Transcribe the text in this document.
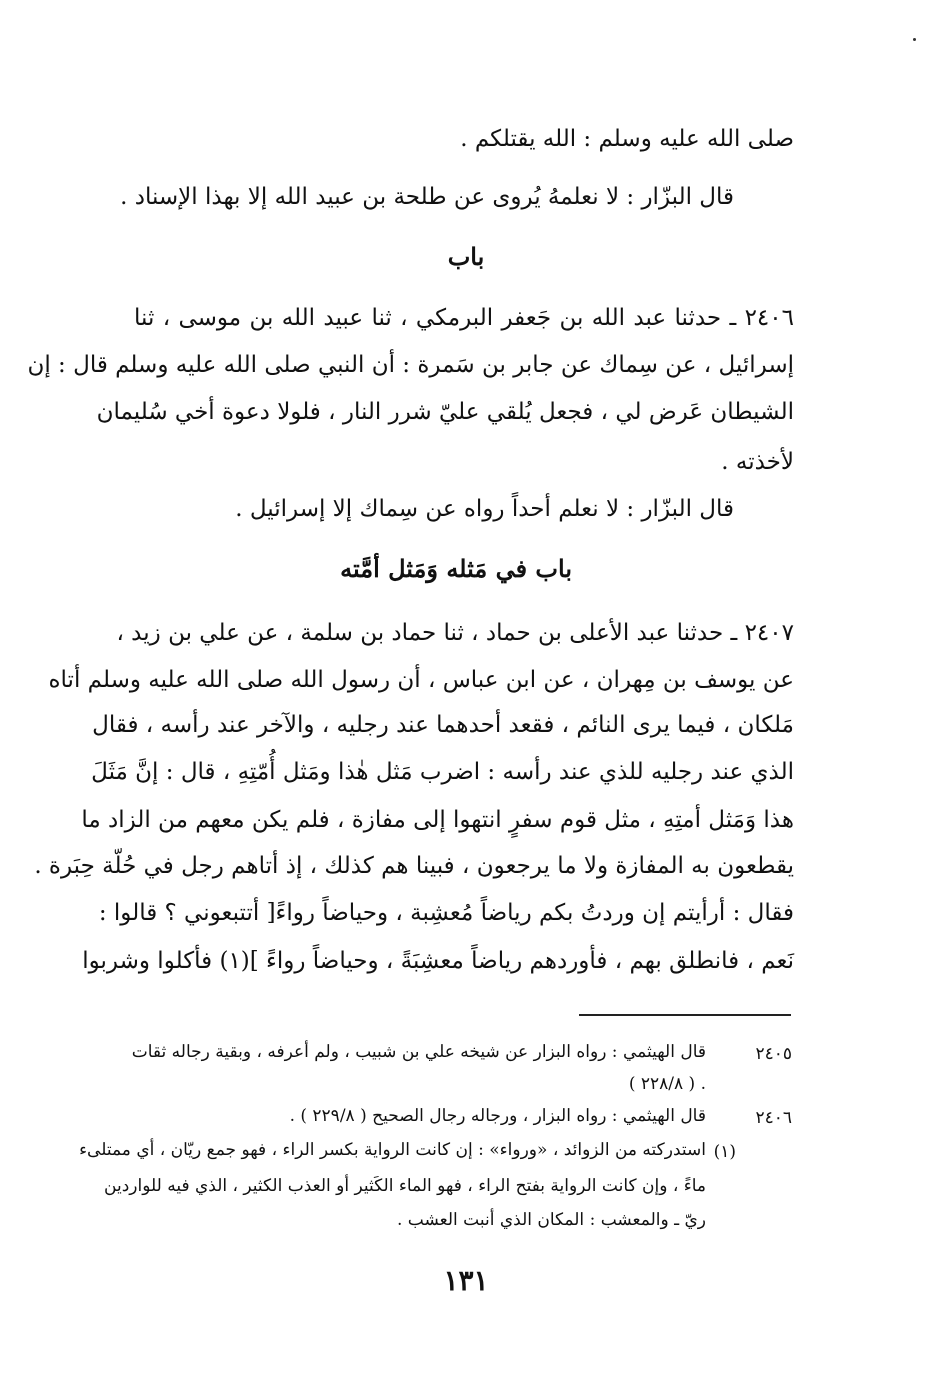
صلى الله عليه وسلم : الله يقتلكم .
قال البزّار : لا نعلمهُ يُروى عن طلحة بن عبيد الله إلا بهذا الإسناد .
باب
٢٤٠٦ ـ حدثنا عبد الله بن جَعفر البرمكي ، ثنا عبيد الله بن موسى ، ثنا
إسرائيل ، عن سِماك عن جابر بن سَمرة : أن النبي صلى الله عليه وسلم قال : إن
الشيطان عَرض لي ، فجعل يُلقي عليّ شرر النار ، فلولا دعوة أخي سُليمان
لأخذته .
قال البزّار : لا نعلم أحداً رواه عن سِماك إلا إسرائيل .
باب في مَثله وَمَثل أمَّته
٢٤٠٧ ـ حدثنا عبد الأعلى بن حماد ، ثنا حماد بن سلمة ، عن علي بن زيد ،
عن يوسف بن مِهران ، عن ابن عباس ، أن رسول الله صلى الله عليه وسلم أتاه
مَلكان ، فيما يرى النائم ، فقعد أحدهما عند رجليه ، والآخر عند رأسه ، فقال
الذي عند رجليه للذي عند رأسه : اضرب مَثل هٰذا ومَثل أُمّتِهِ ، قال : إنَّ مَثَلَ
هذا وَمَثل أمتِهِ ، مثل قوم سفرٍ انتهوا إلى مفازة ، فلم يكن معهم من الزاد ما
يقطعون به المفازة ولا ما يرجعون ، فبينا هم كذلك ، إذ أتاهم رجل في حُلّة حِبَرة .
فقال : أرأيتم إن وردتُ بكم رياضاً مُعشِبة ، وحياضاً رواءً[ أتتبعوني ؟ قالوا :
نَعم ، فانطلق بهم ، فأوردهم رياضاً معشِبَةً ، وحياضاً رواءً ](١) فأكلوا وشربوا
٢٤٠٥
قال الهيثمي : رواه البزار عن شيخه علي بن شبيب ، ولم أعرفه ، وبقية رجاله ثقات
( ٢٢٨/٨ ) .
٢٤٠٦
قال الهيثمي : رواه البزار ، ورجاله رجال الصحيح ( ٢٢٩/٨ ) .
(١)
استدركته من الزوائد ، «ورواء» : إن كانت الرواية بكسر الراء ، فهو جمع ريّان ، أي ممتلىء
ماءً ، وإن كانت الرواية بفتح الراء ، فهو الماء الكَثير أو العذب الكثير ، الذي فيه للواردين
ريّ ـ والمعشب : المكان الذي أنبت العشب .
١٣١
